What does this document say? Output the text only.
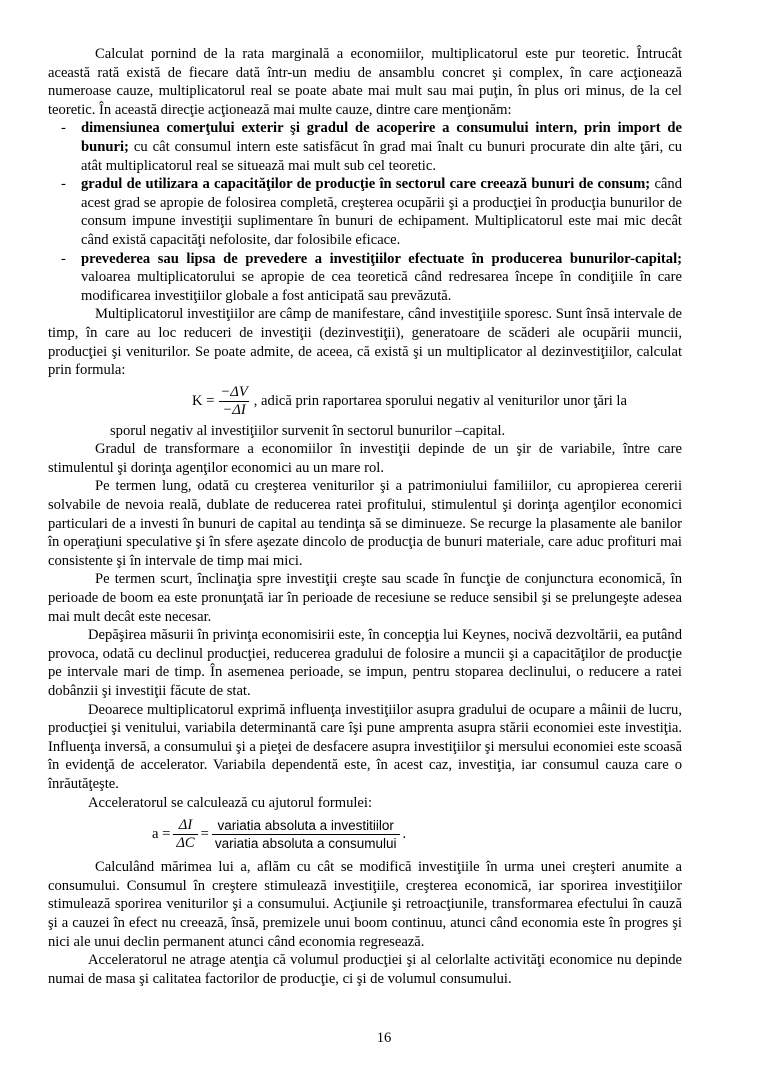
Calculat pornind de la rata marginală a economiilor, multiplicatorul este pur teoretic. Întrucât această rată există de fiecare dată într-un mediu de ansamblu concret şi complex, în care acţionează numeroase cauze, multiplicatorul real se poate abate mai mult sau mai puţin, în plus ori minus, de la cel teoretic. În această direcţie acţionează mai multe cauze, dintre care menţionăm:

- dimensiunea comerţului exterir şi gradul de acoperire a consumului intern, prin import de bunuri; cu cât consumul intern este satisfăcut în grad mai înalt cu bunuri procurate din alte ţări, cu atât multiplicatorul real se situează mai mult sub cel teoretic.
- gradul de utilizara a capacităţilor de producţie în sectorul care creează bunuri de consum; când acest grad se apropie de folosirea completă, creşterea ocupării şi a producţiei în producţia bunurilor de consum impune investiţii suplimentare în bunuri de echipament. Multiplicatorul este mai mic decât când există capacităţi nefolosite, dar folosibile eficace.
- prevederea sau lipsa de prevedere a investiţiilor efectuate în producerea bunurilor-capital; valoarea multiplicatorului se apropie de cea teoretică când redresarea începe în condiţiile în care modificarea investiţiilor globale a fost anticipată sau prevăzută.

Multiplicatorul investiţiilor are câmp de manifestare, când investiţiile sporesc. Sunt însă intervale de timp, în care au loc reduceri de investiţii (dezinvestiţii), generatoare de scăderi ale ocupării muncii, producţiei şi veniturilor. Se poate admite, de aceea, că există şi un multiplicator al dezinvestiţiilor, calculat prin formula:

$K = \frac{-\Delta V}{-\Delta I}$ , adică prin raportarea sporului negativ al veniturilor unor ţări la

sporul negativ al investiţiilor survenit în sectorul bunurilor –capital.

Gradul de transformare a economiilor în investiţii depinde de un şir de variabile, între care stimulentul şi dorinţa agenţilor economici au un mare rol.

Pe termen lung, odată cu creşterea veniturilor şi a patrimoniului familiilor, cu apropierea cererii solvabile de nevoia reală, dublate de reducerea ratei profitului, stimulentul şi dorinţa agenţilor economici particulari de a investi în bunuri de capital au tendinţa să se diminueze. Se recurge la plasamente ale banilor în operaţiuni speculative şi în sfere aşezate dincolo de producţia de bunuri materiale, care aduc profituri mai consistente şi în intervale de timp mai mici.

Pe termen scurt, înclinaţia spre investiţii creşte sau scade în funcţie de conjunctura economică, în perioade de boom ea este pronunţată iar în perioade de recesiune se reduce sensibil şi se prelungeşte adesea mai mult decât este necesar.

Depăşirea măsurii în privinţa economisirii este, în concepţia lui Keynes, nocivă dezvoltării, ea putând provoca, odată cu declinul producţiei, reducerea gradului de folosire a muncii şi a capacităţilor de producţie pe intervale mari de timp. În asemenea perioade, se impun, pentru stoparea declinului, o reducere a ratei dobânzii şi investiţii făcute de stat.

Deoarece multiplicatorul exprimă influenţa investiţiilor asupra gradului de ocupare a mâinii de lucru, producţiei şi venitului, variabila determinantă care îşi pune amprenta asupra stării economiei este investiţia. Influenţa inversă, a consumului şi a pieţei de desfacere asupra investiţiilor şi mersului economiei este scoasă în evidenţă de accelerator. Variabila dependentă este, în acest caz, investiţia, iar consumul cauza care o înrăutăţeşte.

Acceleratorul se calculează cu ajutorul formulei:

$a = \frac{\Delta I}{\Delta C} = \frac{\text{variatia absoluta a investitiilor}}{\text{variatia absoluta a consumului}}$ .

Calculând mărimea lui a, aflăm cu cât se modifică investiţiile în urma unei creşteri anumite a consumului. Consumul în creştere stimulează investiţiile, creşterea economică, iar sporirea investiţiilor stimulează sporirea veniturilor şi a consumului. Acţiunile şi retroacţiunile, transformarea efectului în cauză şi a cauzei în efect nu creează, însă, premizele unui boom continuu, atunci când economia este în progres şi nici ale unui declin permanent atunci când economia regresează.

Acceleratorul ne atrage atenţia că volumul producţiei şi al celorlalte activităţi economice nu depinde numai de masa şi calitatea factorilor de producţie, ci şi de volumul consumului.

16
